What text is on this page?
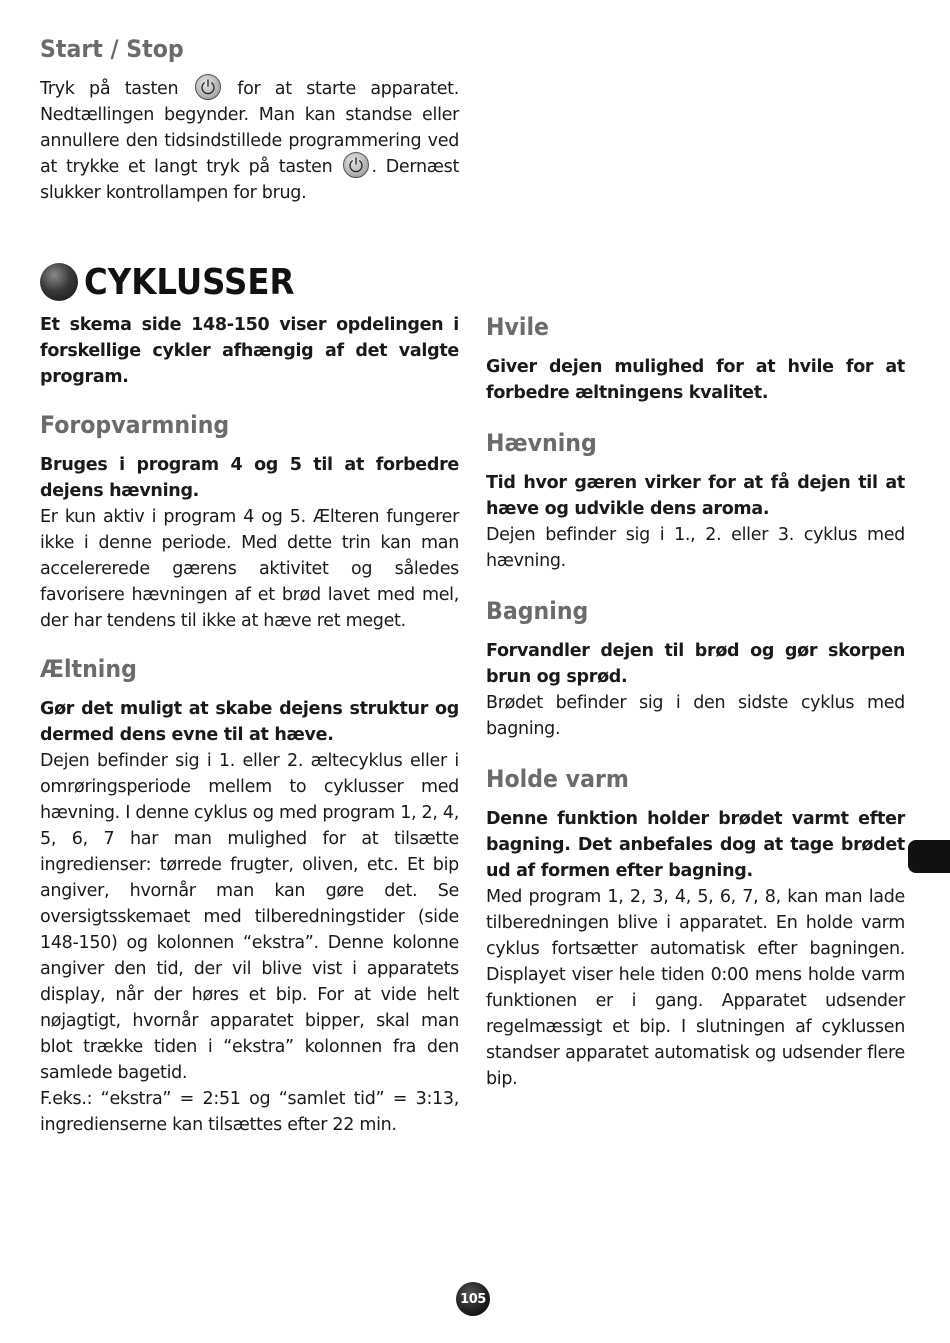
Start / Stop

Tryk på tasten	for at starte apparatet. Nedtællingen begynder. Man kan standse eller annullere den tidsindstillede programmering ved at trykke et langt tryk på tasten . Dernæst slukker kontrollampen for brug.

CYKLUSSER

Et skema side 148-150 viser opdelingen i forskellige cykler afhængig af det valgte program.

Foropvarmning

Bruges i program 4 og 5 til at forbedre dejens hævning.

Er kun aktiv i program 4 og 5. Ælteren fungerer ikke i denne periode. Med dette trin kan man accelererede gærens aktivitet og således favorisere hævningen af et brød lavet med mel, der har tendens til ikke at hæve ret meget.

Æltning

Gør det muligt at skabe dejens struktur og dermed dens evne til at hæve.

Dejen befinder sig i 1. eller 2. æltecyklus eller i omrøringsperiode mellem to cyklusser med hævning. I denne cyklus og med program 1, 2, 4, 5, 6, 7 har man mulighed for at tilsætte ingredienser: tørrede frugter, oliven, etc. Et bip angiver, hvornår man kan gøre det. Se oversigtsskemaet med tilberedningstider (side 148-150) og kolonnen “ekstra”. Denne kolonne angiver den tid, der vil blive vist i apparatets display, når der høres et bip. For at vide helt nøjagtigt, hvornår apparatet bipper, skal man blot trække tiden i “ekstra” kolonnen fra den samlede bagetid.

F.eks.: “ekstra” = 2:51 og “samlet tid” = 3:13, ingredienserne kan tilsættes efter 22 min.

Hvile

Giver dejen mulighed for at hvile for at forbedre æltningens kvalitet.

Hævning

Tid hvor gæren virker for at få dejen til at hæve og udvikle dens aroma.

Dejen befinder sig i 1., 2. eller 3. cyklus med hævning.

Bagning

Forvandler dejen til brød og gør skorpen brun og sprød.

Brødet befinder sig i den sidste cyklus med bagning.

Holde varm

Denne funktion holder brødet varmt efter bagning. Det anbefales dog at tage brødet ud af formen efter bagning.

Med program 1, 2, 3, 4, 5, 6, 7, 8, kan man lade tilberedningen blive i apparatet. En holde varm cyklus fortsætter automatisk efter bagningen. Displayet viser hele tiden 0:00 mens holde varm funktionen er i gang. Apparatet udsender regelmæssigt et bip. I slutningen af cyklussen standser apparatet automatisk og udsender flere bip.

105
